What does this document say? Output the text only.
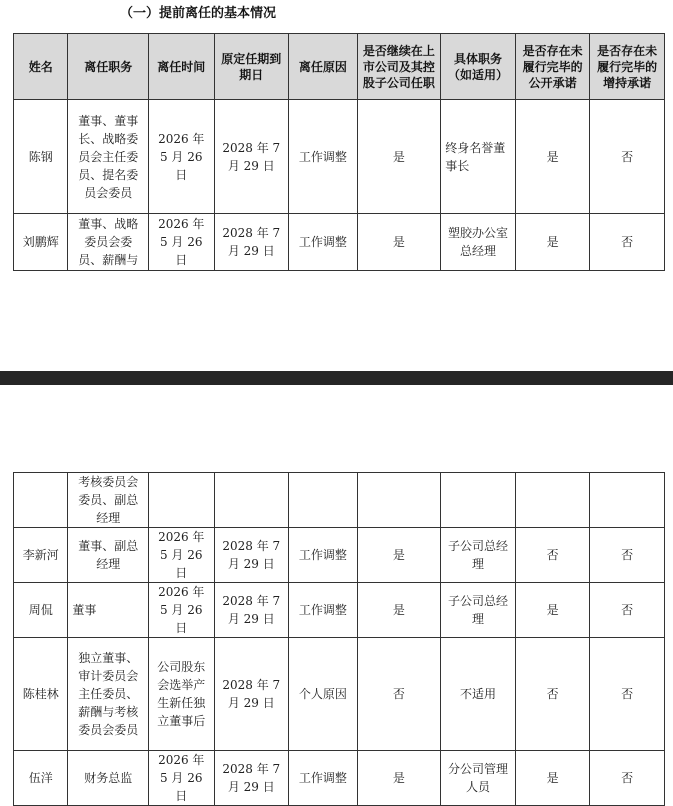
（一）提前离任的基本情况
姓名	离任职务	离任时间	原定任期到期日	离任原因	是否继续在上市公司及其控股子公司任职	具体职务（如适用）	是否存在未履行完毕的公开承诺	是否存在未履行完毕的增持承诺
陈钢	董事、董事长、战略委员会主任委员、提名委员会委员	2026 年 5 月 26 日	2028 年 7 月 29 日	工作调整	是	终身名誉董事长	是	否
刘鹏辉	董事、战略委员会委员、薪酬与	2026 年 5 月 26 日	2028 年 7 月 29 日	工作调整	是	塑胶办公室总经理	是	否
	考核委员会委员、副总经理							
李新河	董事、副总经理	2026 年 5 月 26 日	2028 年 7 月 29 日	工作调整	是	子公司总经理	否	否
周侃	董事	2026 年 5 月 26 日	2028 年 7 月 29 日	工作调整	是	子公司总经理	是	否
陈桂林	独立董事、审计委员会主任委员、薪酬与考核委员会委员	公司股东会选举产生新任独立董事后	2028 年 7 月 29 日	个人原因	否	不适用	否	否
伍洋	财务总监	2026 年 5 月 26 日	2028 年 7 月 29 日	工作调整	是	分公司管理人员	是	否
